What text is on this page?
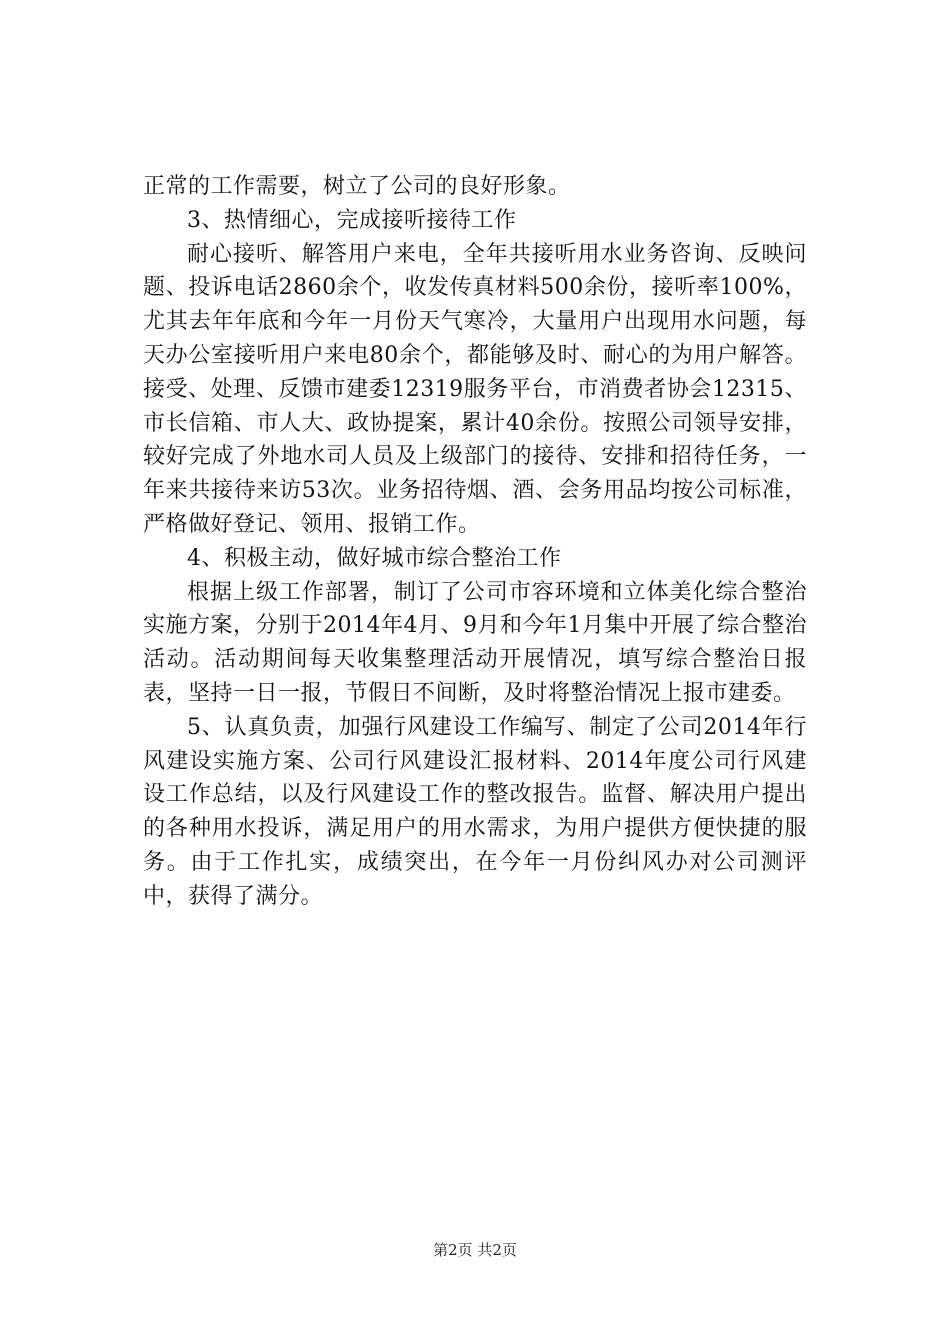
正常的工作需要，树立了公司的良好形象。

3、热情细心，完成接听接待工作

耐心接听、解答用户来电，全年共接听用水业务咨询、反映问题、投诉电话2860余个，收发传真材料500余份，接听率100%，尤其去年年底和今年一月份天气寒冷，大量用户出现用水问题，每天办公室接听用户来电80余个，都能够及时、耐心的为用户解答。接受、处理、反馈市建委12319服务平台，市消费者协会12315、市长信箱、市人大、政协提案，累计40余份。按照公司领导安排，较好完成了外地水司人员及上级部门的接待、安排和招待任务，一年来共接待来访53次。业务招待烟、酒、会务用品均按公司标准，严格做好登记、领用、报销工作。

4、积极主动，做好城市综合整治工作

根据上级工作部署，制订了公司市容环境和立体美化综合整治实施方案，分别于2014年4月、9月和今年1月集中开展了综合整治活动。活动期间每天收集整理活动开展情况，填写综合整治日报表，坚持一日一报，节假日不间断，及时将整治情况上报市建委。

5、认真负责，加强行风建设工作编写、制定了公司2014年行风建设实施方案、公司行风建设汇报材料、2014年度公司行风建设工作总结，以及行风建设工作的整改报告。监督、解决用户提出的各种用水投诉，满足用户的用水需求，为用户提供方便快捷的服务。由于工作扎实，成绩突出，在今年一月份纠风办对公司测评中，获得了满分。

第2页 共2页
